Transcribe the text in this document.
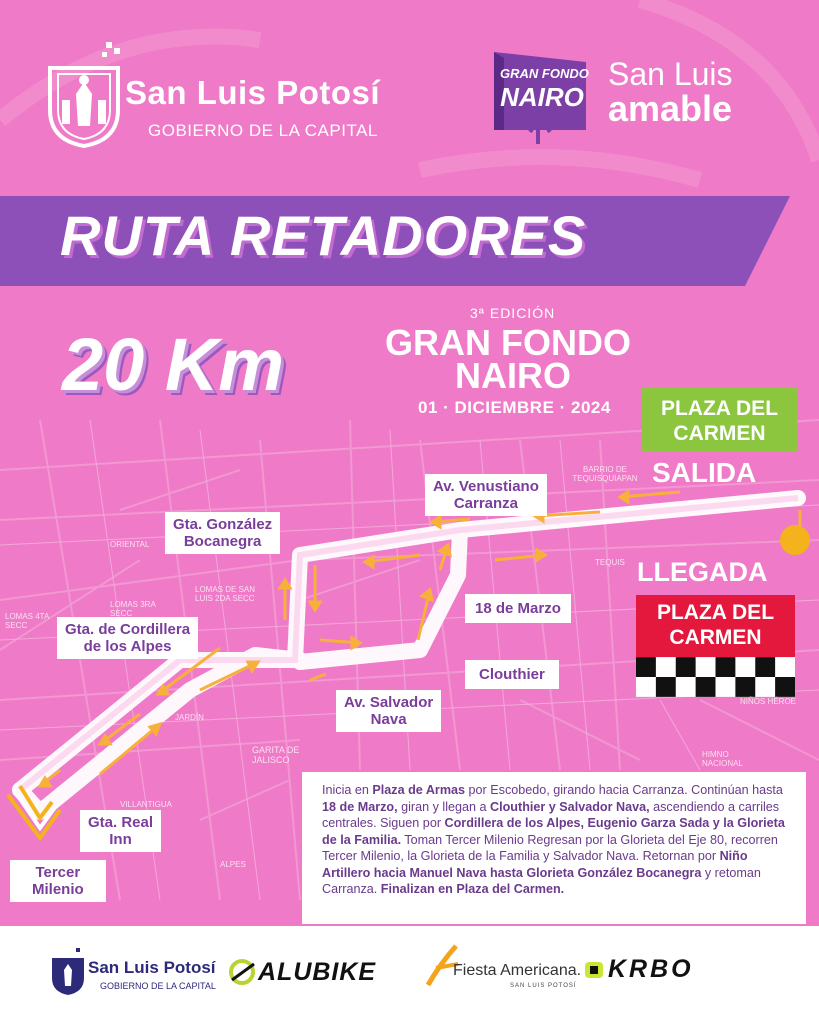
San Luis Potosí
GOBIERNO DE LA CAPITAL
GRAN FONDO
NAIRO
San Luis
amable
RUTA RETADORES
20 Km
3ª EDICIÓN
GRAN FONDO
NAIRO
01 · DICIEMBRE · 2024	PLAZA DEL
CARMEN
SALIDA
LLEGADA
PLAZA DEL
CARMEN
Av. Venustiano
Carranza
Gta. González
Bocanegra
18 de Marzo
Gta. de Cordillera
de los Alpes
Clouthier
Av. Salvador
Nava
Gta. Real
Inn
Tercer
Milenio
LOMAS 4TA SECC
LOMAS DE SAN LUIS 2DA SECC
LOMAS 3RA SECC
ORIENTAL
BARRIO DE TEQUISQUIAPAN
TEQUIS
GARITA DE JALISCO
HIMNO NACIONAL
ALPES
NIÑOS HÉROE
VILLANTIGUA
JARDÍN
Inicia en Plaza de Armas por Escobedo, girando hacia Carranza. Continúan hasta 18 de Marzo, giran y llegan a Clouthier y Salvador Nava, ascendiendo a carriles centrales. Siguen por Cordillera de los Alpes, Eugenio Garza Sada y la Glorieta de la Familia. Toman Tercer Milenio Regresan por la Glorieta del Eje 80, recorren Tercer Milenio, la Glorieta de la Familia y Salvador Nava. Retornan por Niño Artillero hacia Manuel Nava hasta Glorieta González Bocanegra y retoman Carranza. Finalizan en Plaza del Carmen.
San Luis Potosí
GOBIERNO DE LA CAPITAL ALUBIKE	Fiesta Americana.
SAN LUIS POTOSÍ
KRBO
